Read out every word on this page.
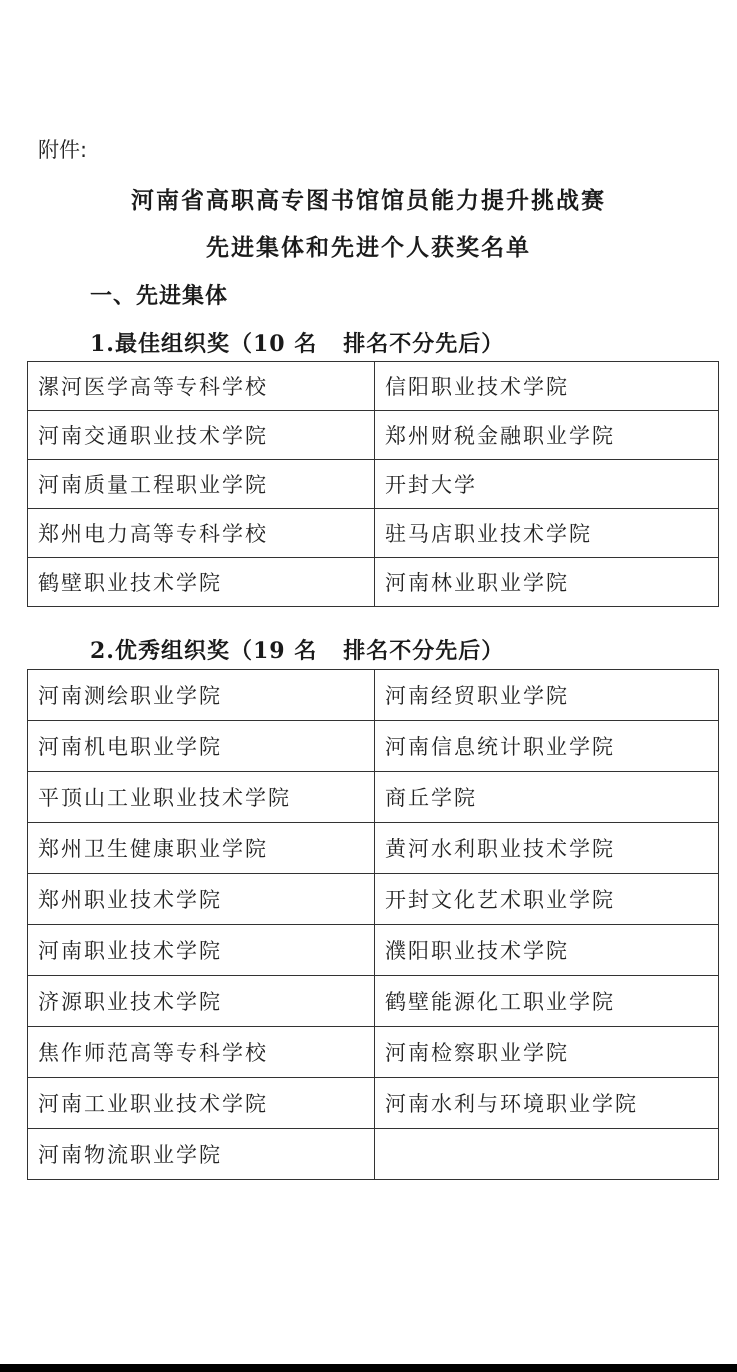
附件:
河南省高职高专图书馆馆员能力提升挑战赛
先进集体和先进个人获奖名单
一、先进集体
1.最佳组织奖（10 名 排名不分先后）
漯河医学高等专科学校	信阳职业技术学院
河南交通职业技术学院	郑州财税金融职业学院
河南质量工程职业学院	开封大学
郑州电力高等专科学校	驻马店职业技术学院
鹤壁职业技术学院	河南林业职业学院
2.优秀组织奖（19 名 排名不分先后）
河南测绘职业学院	河南经贸职业学院
河南机电职业学院	河南信息统计职业学院
平顶山工业职业技术学院	商丘学院
郑州卫生健康职业学院	黄河水利职业技术学院
郑州职业技术学院	开封文化艺术职业学院
河南职业技术学院	濮阳职业技术学院
济源职业技术学院	鹤壁能源化工职业学院
焦作师范高等专科学校	河南检察职业学院
河南工业职业技术学院	河南水利与环境职业学院
河南物流职业学院	
